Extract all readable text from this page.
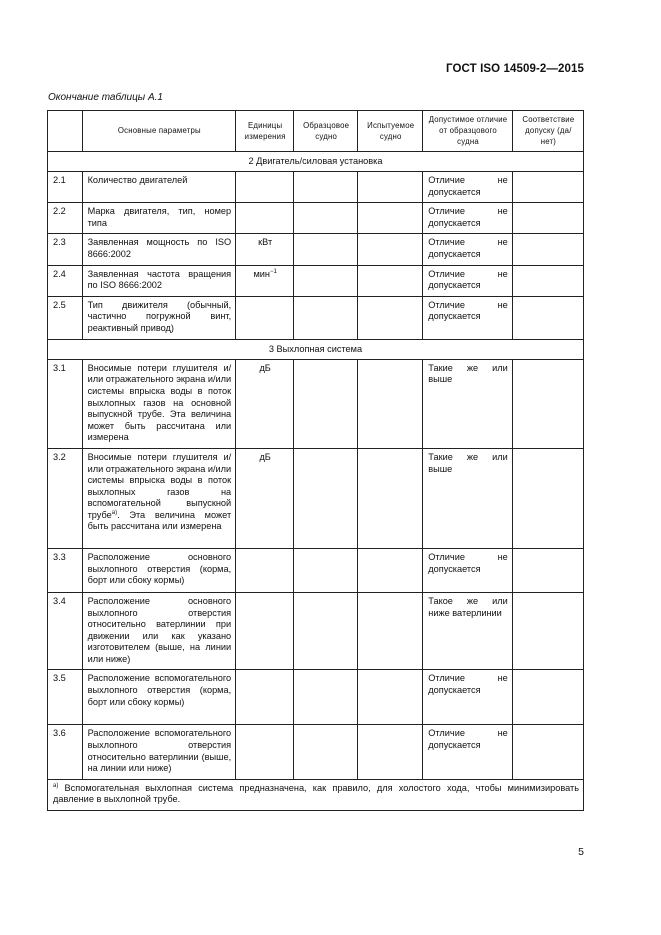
ГОСТ ISO 14509-2—2015
Окончание таблицы А.1
	Основные параметры	Единицы измерения	Образцовое судно	Испытуемое судно	Допустимое отличие от образцового судна	Соответствие допуску (да/нет)
2 Двигатель/силовая установка						
2.1	Количество двигателей				Отличие не допускается	
2.2	Марка двигателя, тип, номер типа				Отличие не допускается	
2.3	Заявленная мощность по ISO 8666:2002	кВт			Отличие не допускается	
2.4	Заявленная частота вращения по ISO 8666:2002	мин$^{-1}$			Отличие не допускается	
2.5	Тип движителя (обычный, частично погружной винт, реактивный привод)				Отличие не допускается	
3 Выхлопная система						
3.1	Вносимые потери глушителя и/или отражательного экрана и/или системы впрыска воды в поток выхлопных газов на основной выпускной трубе. Эта величина может быть рассчитана или измерена	дБ			Такие же или выше	
3.2	Вносимые потери глушителя и/или отражательного экрана и/или системы впрыска воды в поток выхлопных газов на вспомогательной выпускной трубе$^{a)}$. Эта величина может быть рассчитана или измерена	дБ			Такие же или выше	
3.3	Расположение основного выхлопного отверстия (корма, борт или сбоку кормы)				Отличие не допускается	
3.4	Расположение основного выхлопного отверстия относительно ватерлинии при движении или как указано изготовителем (выше, на линии или ниже)				Такое же или ниже ватерлинии	
3.5	Расположение вспомогательного выхлопного отверстия (корма, борт или сбоку кормы)				Отличие не допускается	
3.6	Расположение вспомогательного выхлопного отверстия относительно ватерлинии (выше, на линии или ниже)				Отличие не допускается	
$^{a)}$ Вспомогательная выхлопная система предназначена, как правило, для холостого хода, чтобы минимизировать давление в выхлопной трубе.						
5
